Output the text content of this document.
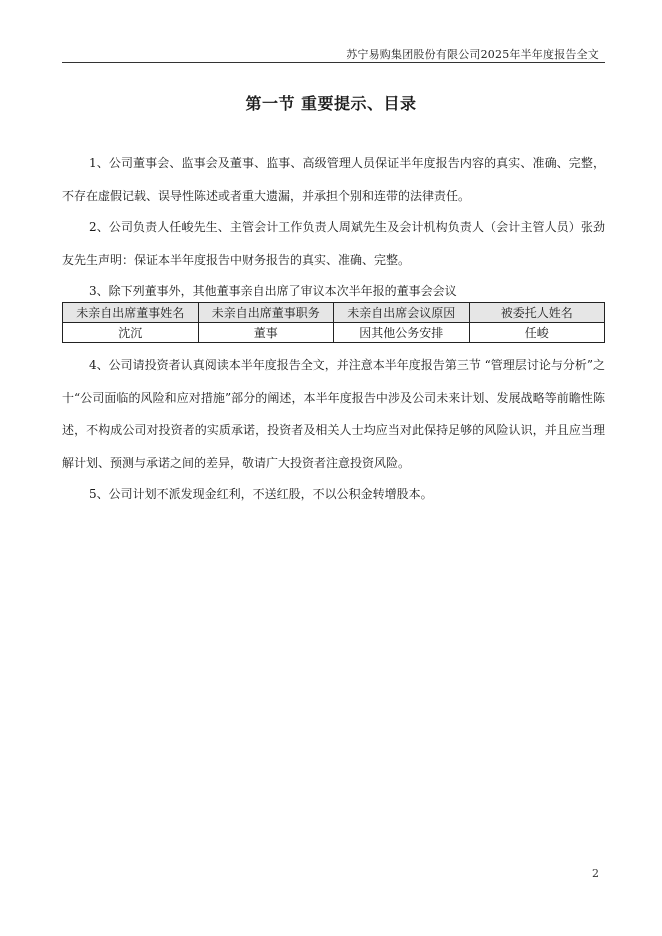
苏宁易购集团股份有限公司2025年半年度报告全文
第一节 重要提示、目录

1、公司董事会、监事会及董事、监事、高级管理人员保证半年度报告内容的真实、准确、完整，不存在虚假记载、误导性陈述或者重大遗漏，并承担个别和连带的法律责任。

2、公司负责人任峻先生、主管会计工作负责人周斌先生及会计机构负责人（会计主管人员）张劲友先生声明：保证本半年度报告中财务报告的真实、准确、完整。

3、除下列董事外，其他董事亲自出席了审议本次半年报的董事会会议

未亲自出席董事姓名	未亲自出席董事职务	未亲自出席会议原因	被委托人姓名
沈沉	董事	因其他公务安排	任峻

4、公司请投资者认真阅读本半年度报告全文，并注意本半年度报告第三节 “管理层讨论与分析”之十“公司面临的风险和应对措施”部分的阐述，本半年度报告中涉及公司未来计划、发展战略等前瞻性陈述，不构成公司对投资者的实质承诺，投资者及相关人士均应当对此保持足够的风险认识，并且应当理解计划、预测与承诺之间的差异，敬请广大投资者注意投资风险。

5、公司计划不派发现金红利，不送红股，不以公积金转增股本。

2
